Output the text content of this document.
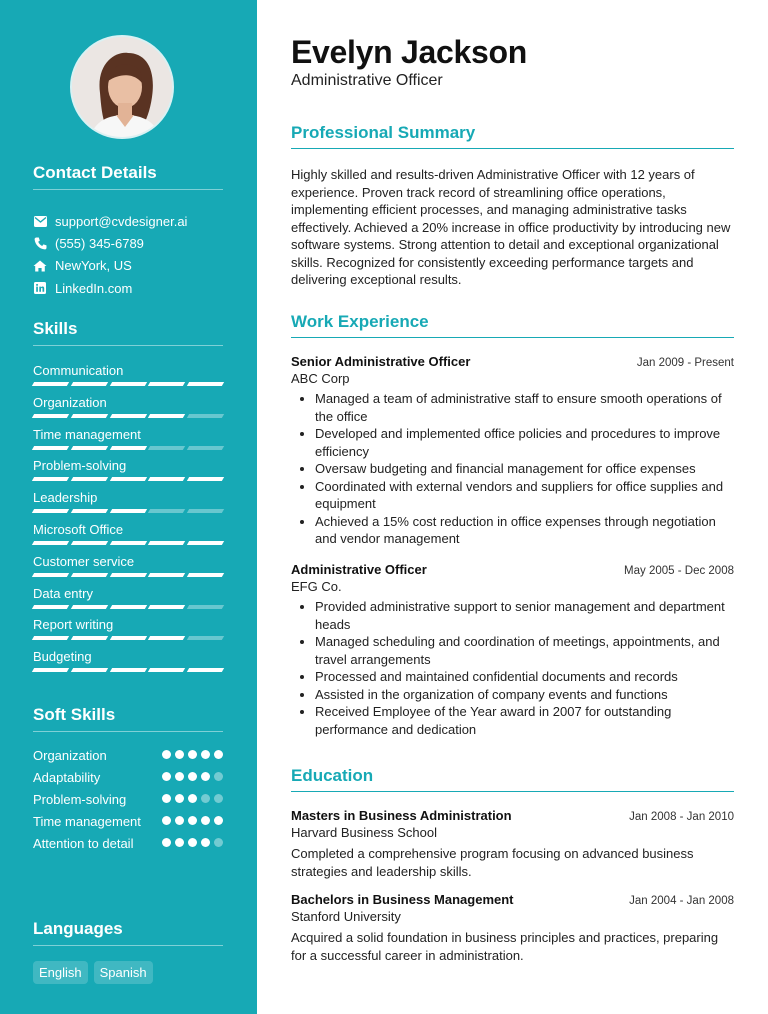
Contact Details
support@cvdesigner.ai
(555) 345-6789
NewYork, US
LinkedIn.com
Skills
Communication
Organization
Time management
Problem-solving
Leadership
Microsoft Office
Customer service
Data entry
Report writing
Budgeting
Soft Skills
Organization
Adaptability
Problem-solving
Time management
Attention to detail
Languages
English	Spanish
Evelyn Jackson
Administrative Officer
Professional Summary
Highly skilled and results-driven Administrative Officer with 12 years of experience. Proven track record of streamlining office operations, implementing efficient processes, and managing administrative tasks effectively. Achieved a 20% increase in office productivity by introducing new software systems. Strong attention to detail and exceptional organizational skills. Recognized for consistently exceeding performance targets and delivering exceptional results.
Work Experience
Senior Administrative Officer	Jan 2009 - Present
ABC Corp
• Managed a team of administrative staff to ensure smooth operations of the office
• Developed and implemented office policies and procedures to improve efficiency
• Oversaw budgeting and financial management for office expenses
• Coordinated with external vendors and suppliers for office supplies and equipment
• Achieved a 15% cost reduction in office expenses through negotiation and vendor management
Administrative Officer	May 2005 - Dec 2008
EFG Co.
• Provided administrative support to senior management and department heads
• Managed scheduling and coordination of meetings, appointments, and travel arrangements
• Processed and maintained confidential documents and records
• Assisted in the organization of company events and functions
• Received Employee of the Year award in 2007 for outstanding performance and dedication
Education
Masters in Business Administration	Jan 2008 - Jan 2010
Harvard Business School
Completed a comprehensive program focusing on advanced business strategies and leadership skills.
Bachelors in Business Management	Jan 2004 - Jan 2008
Stanford University
Acquired a solid foundation in business principles and practices, preparing for a successful career in administration.
